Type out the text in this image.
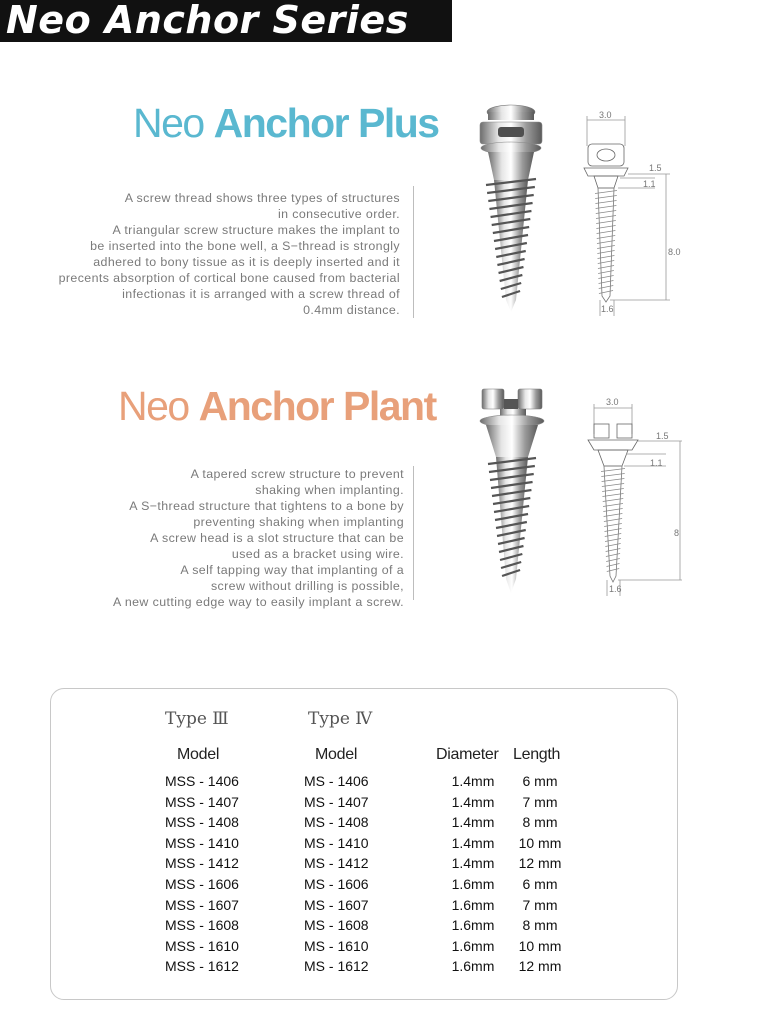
Neo Anchor Series
Neo Anchor Plus
A screw thread shows three types of structures
in consecutive order.
A triangular screw structure makes the implant to
be inserted into the bone well, a S−thread is strongly
adhered to bony tissue as it is deeply inserted and it
precents absorption of cortical bone caused from bacterial
infectionas it is arranged with a screw thread of
0.4mm distance.
3.0
1.5
1.1
8.0
1.6
Neo Anchor Plant
A tapered screw structure to prevent
shaking when implanting.
A S−thread structure that tightens to a bone by
preventing shaking when implanting
A screw head is a slot structure that can be
used as a bracket using wire.
A self tapping way that implanting of a
screw without drilling is possible,
A new cutting edge way to easily implant a screw.
3.0
1.5
1.1
8
1.6
Type Ⅲ	Type Ⅳ
Model	Model	Diameter Length
MSS - 1406	MS - 1406	1.4mm	6 mm
MSS - 1407	MS - 1407	1.4mm	7 mm
MSS - 1408	MS - 1408	1.4mm	8 mm
MSS - 1410	MS - 1410	1.4mm	10 mm
MSS - 1412	MS - 1412	1.4mm	12 mm
MSS - 1606	MS - 1606	1.6mm	6 mm
MSS - 1607	MS - 1607	1.6mm	7 mm
MSS - 1608	MS - 1608	1.6mm	8 mm
MSS - 1610	MS - 1610	1.6mm	10 mm
MSS - 1612	MS - 1612	1.6mm	12 mm
